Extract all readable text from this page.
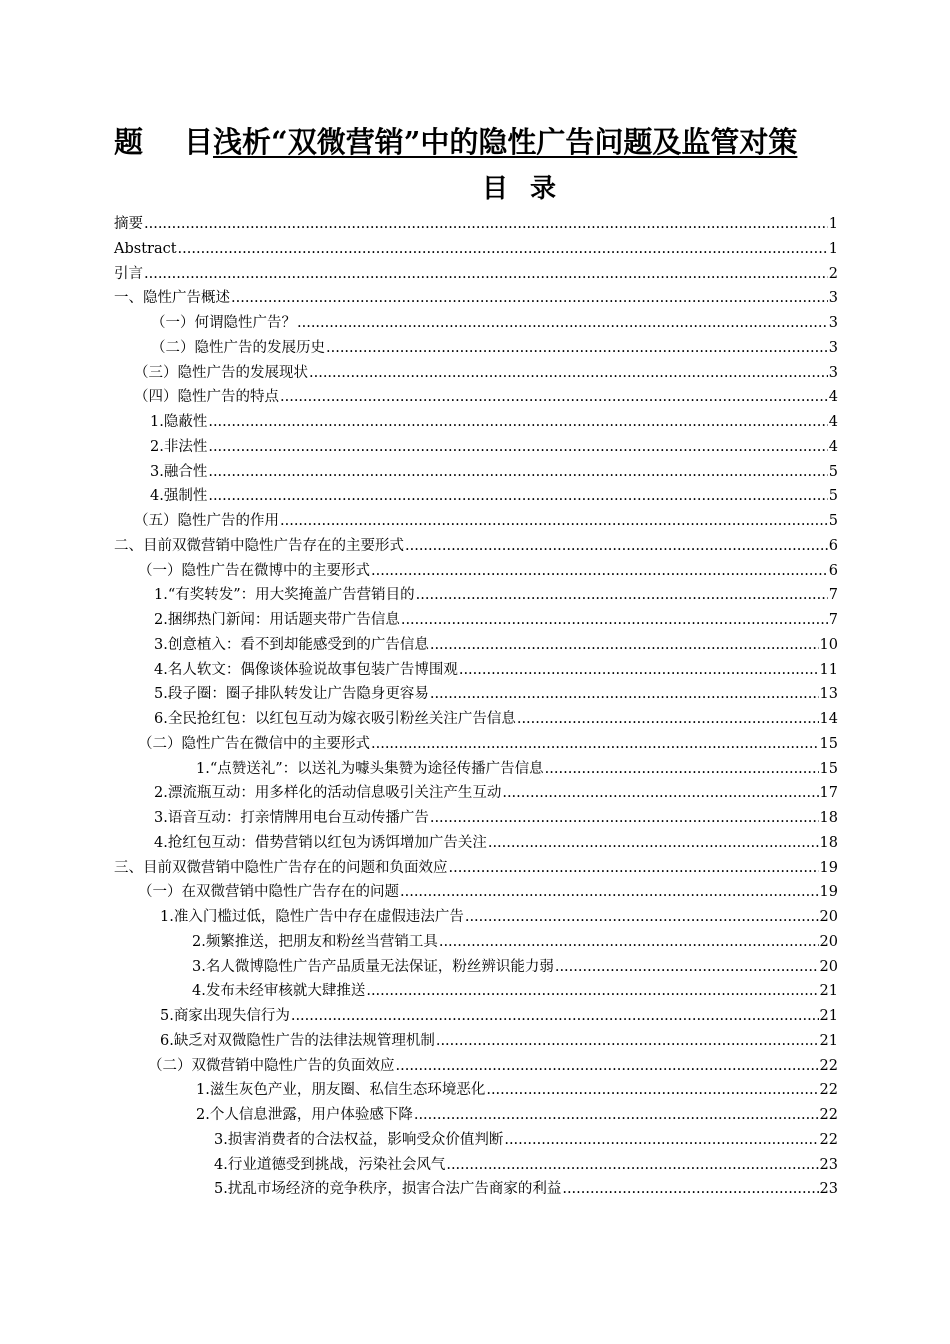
题 目浅析“双微营销”中的隐性广告问题及监管对策
目录
摘要 .....	1
Abstract .....	1
引言 .....	2
一、隐性广告概述 .....	3
（一）何谓隐性广告？ .....	3
（二）隐性广告的发展历史 .....	3
（三）隐性广告的发展现状 .....	3
（四）隐性广告的特点 .....	4
1.隐蔽性 .....	4
2.非法性 .....	4
3.融合性 .....	5
4.强制性 .....	5
（五）隐性广告的作用 .....	5
二、目前双微营销中隐性广告存在的主要形式 .....	6
（一）隐性广告在微博中的主要形式 .....	6
1.“有奖转发”：用大奖掩盖广告营销目的 .....	7
2.捆绑热门新闻：用话题夹带广告信息 .....	7
3.创意植入：看不到却能感受到的广告信息 .....	10
4.名人软文：偶像谈体验说故事包装广告博围观 .....	11
5.段子圈：圈子排队转发让广告隐身更容易 .....	13
6.全民抢红包：以红包互动为嫁衣吸引粉丝关注广告信息 .....	14
（二）隐性广告在微信中的主要形式 .....	15
1.“点赞送礼”：以送礼为噱头集赞为途径传播广告信息 .....	15
2.漂流瓶互动：用多样化的活动信息吸引关注产生互动 .....	17
3.语音互动：打亲情牌用电台互动传播广告 .....	18
4.抢红包互动：借势营销以红包为诱饵增加广告关注 .....	18
三、目前双微营销中隐性广告存在的问题和负面效应 .....	19
（一）在双微营销中隐性广告存在的问题 .....	19
1.准入门槛过低，隐性广告中存在虚假违法广告 .....	20
2.频繁推送，把朋友和粉丝当营销工具 .....	20
3.名人微博隐性广告产品质量无法保证，粉丝辨识能力弱 .....	20
4.发布未经审核就大肆推送 .....	21
5.商家出现失信行为 .....	21
6.缺乏对双微隐性广告的法律法规管理机制 .....	21
（二）双微营销中隐性广告的负面效应 .....	22
1.滋生灰色产业，朋友圈、私信生态环境恶化 .....	22
2.个人信息泄露，用户体验感下降 .....	22
3.损害消费者的合法权益，影响受众价值判断 .....	22
4.行业道德受到挑战，污染社会风气 .....	23
5.扰乱市场经济的竞争秩序，损害合法广告商家的利益 .....	23
